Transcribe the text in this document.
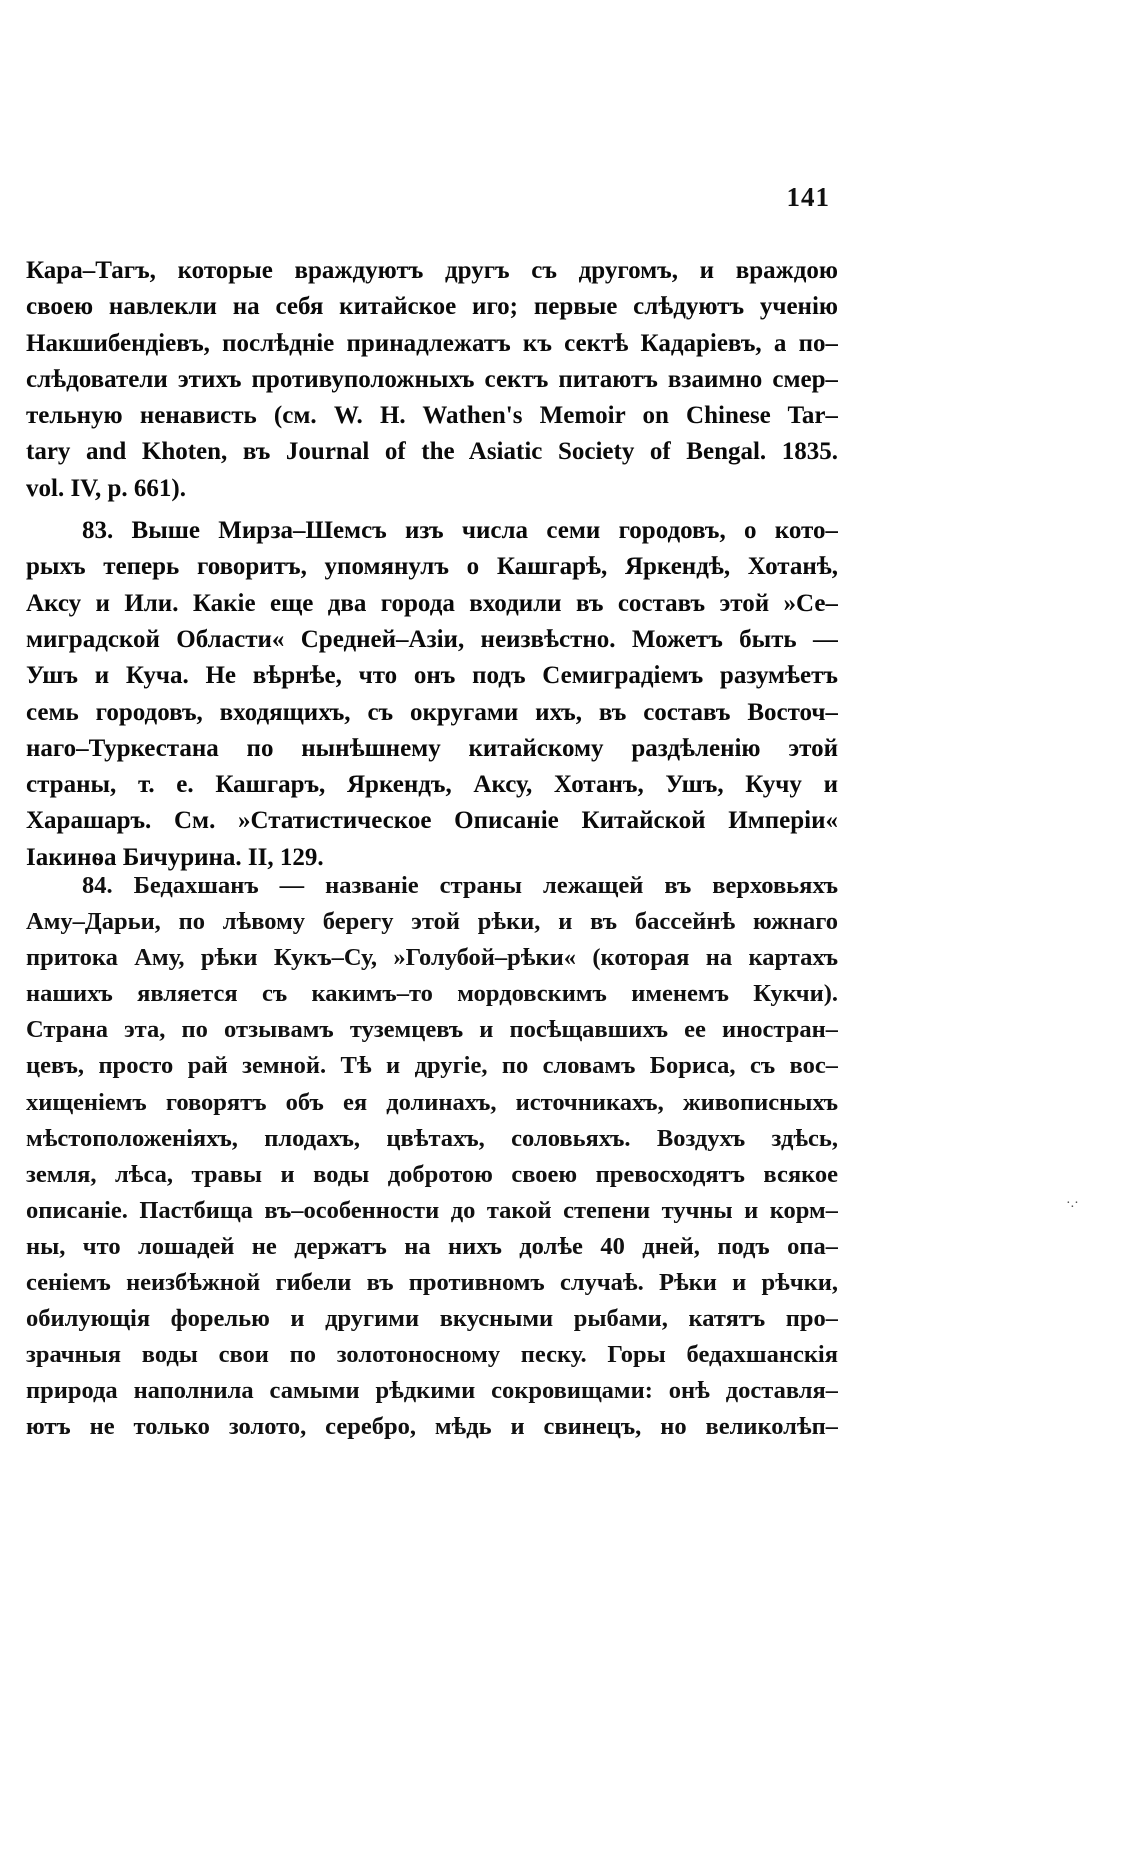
141
Кара–Тагъ, которые враждуютъ другъ съ другомъ, и враждою
своею навлекли на себя китайское иго; первые слѣдуютъ ученію
Накшибендіевъ, послѣдніе принадлежатъ къ сектѣ Кадаріевъ, а по–
слѣдователи этихъ противуположныхъ сектъ питаютъ взаимно смер–
тельную ненависть (см. W. H. Wathen's Memoir on Chinese Tar–
tary and Khoten, въ Journal of the Asiatic Society of Bengal. 1835.
vol. IV, p. 661).
83. Выше Мирза–Шемсъ изъ числа семи городовъ, о кото–
рыхъ теперь говоритъ, упомянулъ о Кашгарѣ, Яркендѣ, Хотанѣ,
Аксу и Или. Какіе еще два города входили въ составъ этой »Се–
миградской Области« Средней–Азіи, неизвѣстно. Можетъ быть —
Ушъ и Куча. Не вѣрнѣе, что онъ подъ Семиградіемъ разумѣетъ
семь городовъ, входящихъ, съ округами ихъ, въ составъ Восточ–
наго–Туркестана по нынѣшнему китайскому раздѣленію этой
страны, т. е. Кашгаръ, Яркендъ, Аксу, Хотанъ, Ушъ, Кучу и
Харашаръ. См. »Статистическое Описаніе Китайской Имперіи«
Іакинѳа Бичурина. II, 129.
84. Бедахшанъ — названіе страны лежащей въ верховьяхъ
Аму–Дарьи, по лѣвому берегу этой рѣки, и въ бассейнѣ южнаго
притока Аму, рѣки Кукъ–Су, »Голубой–рѣки« (которая на картахъ
нашихъ является съ какимъ–то мордовскимъ именемъ Кукчи).
Страна эта, по отзывамъ туземцевъ и посѣщавшихъ ее иностран–
цевъ, просто рай земной. Тѣ и другіе, по словамъ Бориса, съ вос–
хищеніемъ говорятъ объ ея долинахъ, источникахъ, живописныхъ
мѣстоположеніяхъ, плодахъ, цвѣтахъ, соловьяхъ. Воздухъ здѣсь,
земля, лѣса, травы и воды добротою своею превосходятъ всякое
описаніе. Пастбища въ–особенности до такой степени тучны и корм–
ны, что лошадей не держатъ на нихъ долѣе 40 дней, подъ опа–
сеніемъ неизбѣжной гибели въ противномъ случаѣ. Рѣки и рѣчки,
обилующія форелью и другими вкусными рыбами, катятъ про–
зрачныя воды свои по золотоносному песку. Горы бедахшанскія
природа наполнила самыми рѣдкими сокровищами: онѣ доставля–
ютъ не только золото, серебро, мѣдь и свинецъ, но великолѣп–
·.·
